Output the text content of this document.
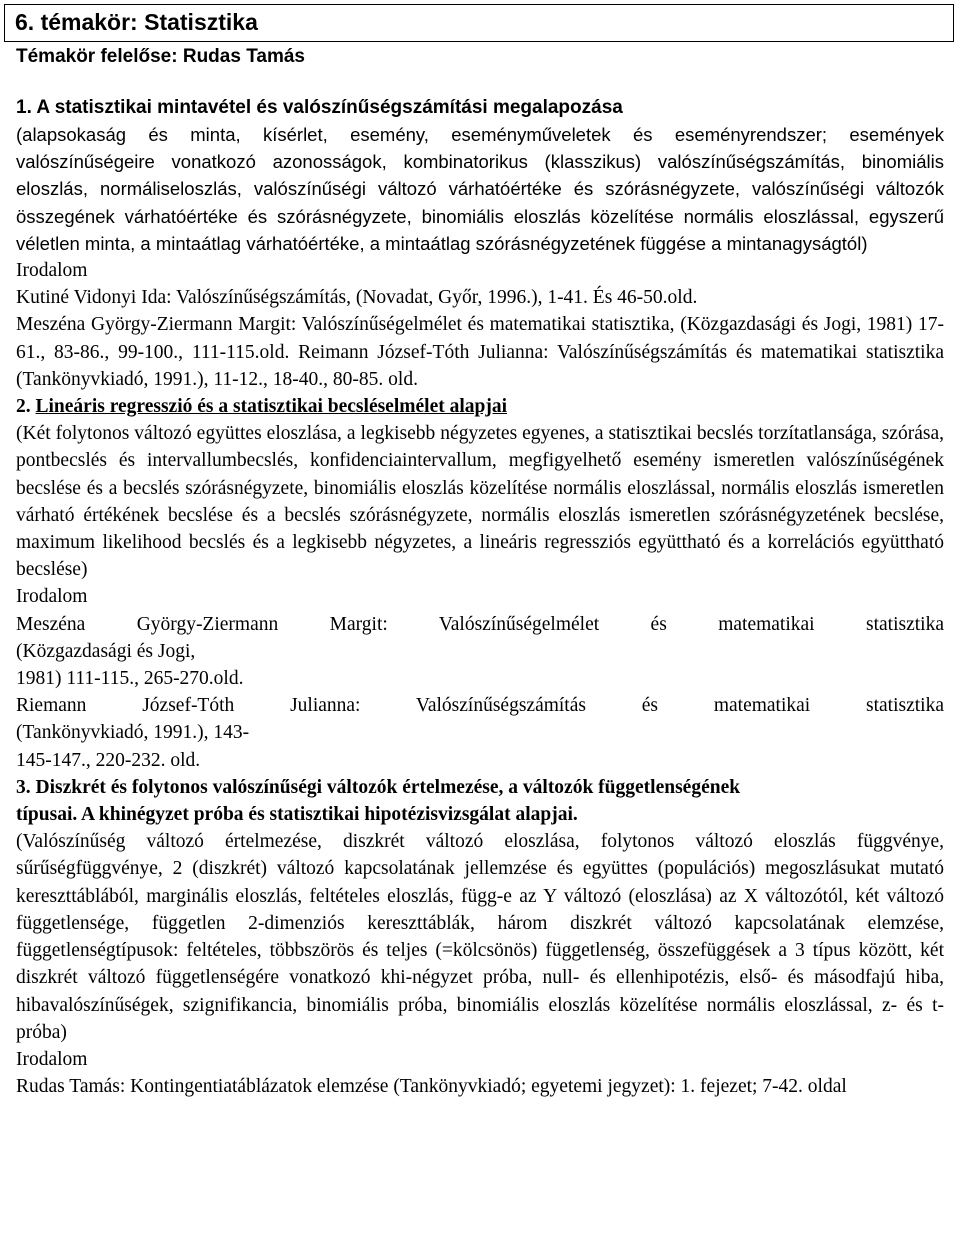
6. témakör: Statisztika
Témakör felelőse: Rudas Tamás

1. A statisztikai mintavétel és valószínűségszámítási megalapozása

(alapsokaság és minta, kísérlet, esemény, eseményműveletek és eseményrendszer; események valószínűségeire vonatkozó azonosságok, kombinatorikus (klasszikus) valószínűségszámítás, binomiális eloszlás, normáliseloszlás, valószínűségi változó várhatóértéke és szórásnégyzete, valószínűségi változók összegének várhatóértéke és szórásnégyzete, binomiális eloszlás közelítése normális eloszlással, egyszerű véletlen minta, a mintaátlag várhatóértéke, a mintaátlag szórásnégyzetének függése a mintanagyságtól)

Irodalom

Kutiné Vidonyi Ida: Valószínűségszámítás, (Novadat, Győr, 1996.), 1-41. És 46-50.old.

Meszéna György-Ziermann Margit: Valószínűségelmélet és matematikai statisztika, (Közgazdasági és Jogi, 1981) 17-61., 83-86., 99-100., 111-115.old. Reimann József-Tóth Julianna: Valószínűségszámítás és matematikai statisztika (Tankönyvkiadó, 1991.), 11-12., 18-40., 80-85. old.

2. Lineáris regresszió és a statisztikai becsléselmélet alapjai

(Két folytonos változó együttes eloszlása, a legkisebb négyzetes egyenes, a statisztikai becslés torzítatlansága, szórása, pontbecslés és intervallumbecslés, konfidenciaintervallum, megfigyelhető esemény ismeretlen valószínűségének becslése és a becslés szórásnégyzete, binomiális eloszlás közelítése normális eloszlással, normális eloszlás ismeretlen várható értékének becslése és a becslés szórásnégyzete, normális eloszlás ismeretlen szórásnégyzetének becslése, maximum likelihood becslés és a legkisebb négyzetes, a lineáris regressziós együttható és a korrelációs együttható becslése)

Irodalom

Meszéna György-Ziermann Margit: Valószínűségelmélet és matematikai statisztika

(Közgazdasági és Jogi,

1981) 111-115., 265-270.old.

Riemann József-Tóth Julianna: Valószínűségszámítás és matematikai statisztika

(Tankönyvkiadó, 1991.), 143-

145-147., 220-232. old.

3. Diszkrét és folytonos valószínűségi változók értelmezése, a változók függetlenségének

típusai. A khinégyzet próba és statisztikai hipotézisvizsgálat alapjai.

(Valószínűség változó értelmezése, diszkrét változó eloszlása, folytonos változó eloszlás függvénye, sűrűségfüggvénye, 2 (diszkrét) változó kapcsolatának jellemzése és együttes (populációs) megoszlásukat mutató kereszttáblából, marginális eloszlás, feltételes eloszlás, függ-e az Y változó (eloszlása) az X változótól, két változó függetlensége, független 2-dimenziós kereszttáblák, három diszkrét változó kapcsolatának elemzése, függetlenségtípusok: feltételes, többszörös és teljes (=kölcsönös) függetlenség, összefüggések a 3 típus között, két diszkrét változó függetlenségére vonatkozó khi-négyzet próba, null- és ellenhipotézis, első- és másodfajú hiba, hibavalószínűségek, szignifikancia, binomiális próba, binomiális eloszlás közelítése normális eloszlással, z- és t-próba)

Irodalom

Rudas Tamás: Kontingentiatáblázatok elemzése (Tankönyvkiadó; egyetemi jegyzet): 1. fejezet; 7-42. oldal
